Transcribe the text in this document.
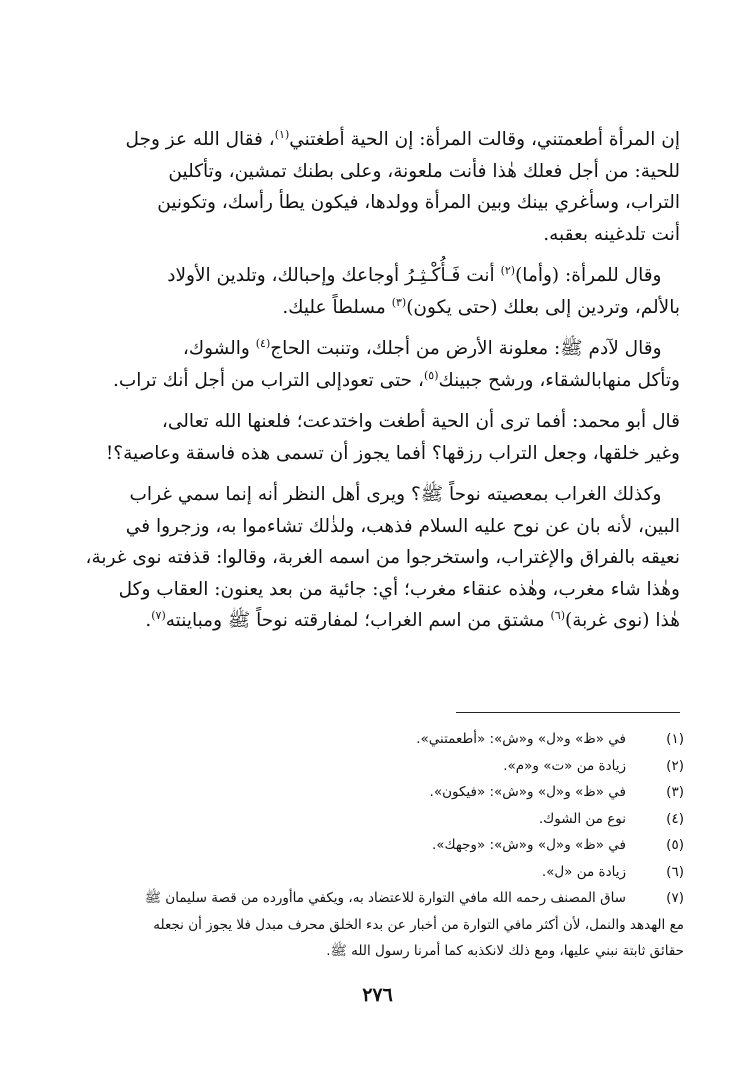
إن المرأة أطعمتني، وقالت المرأة: إن الحية أطغتني$^{(١)}$، فقال الله عز وجل
للحية: من أجل فعلك هٰذا فأنت ملعونة، وعلى بطنك تمشين، وتأكلين
التراب، وسأغري بينك وبين المرأة وولدها، فيكون يطأ رأسك، وتكونين
أنت تلدغينه بعقبه.

 وقال للمرأة: (وأما)$^{(٢)}$ أنت فَـأُكْـثِـرُ أوجاعك وإحبالك، وتلدين الأولاد
بالألم، وتردين إلى بعلك (حتى يكون)$^{(٣)}$ مسلطاً عليك.

 وقال لآدم ﷺ: معلونة الأرض من أجلك، وتنبت الحاج$^{(٤)}$ والشوك،
وتأكل منهابالشقاء، ورشح جبينك$^{(٥)}$، حتى تعودإلى التراب من أجل أنك تراب.

قال أبو محمد: أفما ترى أن الحية أطغت واختدعت؛ فلعنها الله تعالى،
وغير خلقها، وجعل التراب رزقها؟ أفما يجوز أن تسمى هذه فاسقة وعاصية؟!

 وكذلك الغراب بمعصيته نوحاً ﷺ؟ ويرى أهل النظر أنه إنما سمي غراب
البين، لأنه بان عن نوح عليه السلام فذهب، ولذٰلك تشاءموا به، وزجروا في
نعيقه بالفراق والإغتراب، واستخرجوا من اسمه الغربة، وقالوا: قذفته نوى غربة،
وهٰذا شاء مغرب، وهٰذه عنقاء مغرب؛ أي: جائية من بعد يعنون: العقاب وكل
هٰذا (نوى غربة)$^{(٦)}$ مشتق من اسم الغراب؛ لمفارقته نوحاً ﷺ ومباينته$^{(٧)}$.

(١)
في «ظ» و«ل» و«ش»: «أطعمتني».
(٢)
زيادة من «ت» و«م».
(٣)
في «ظ» و«ل» و«ش»: «فيكون».
(٤)
نوع من الشوك.
(٥)
في «ظ» و«ل» و«ش»: «وجهك».
(٦)
زيادة من «ل».
(٧)
ساق المصنف رحمه الله مافي التوارة للاعتضاد به، ويكفي ماأورده من قصة سليمان ﷺ
مع الهدهد والنمل، لأن أكثر مافي التوارة من أخبار عن بدء الخلق محرف مبدل فلا يجوز أن نجعله
حقائق ثابتة نبني عليها، ومع ذلك لانكذبه كما أمرنا رسول الله ﷺ.
٢٧٦
